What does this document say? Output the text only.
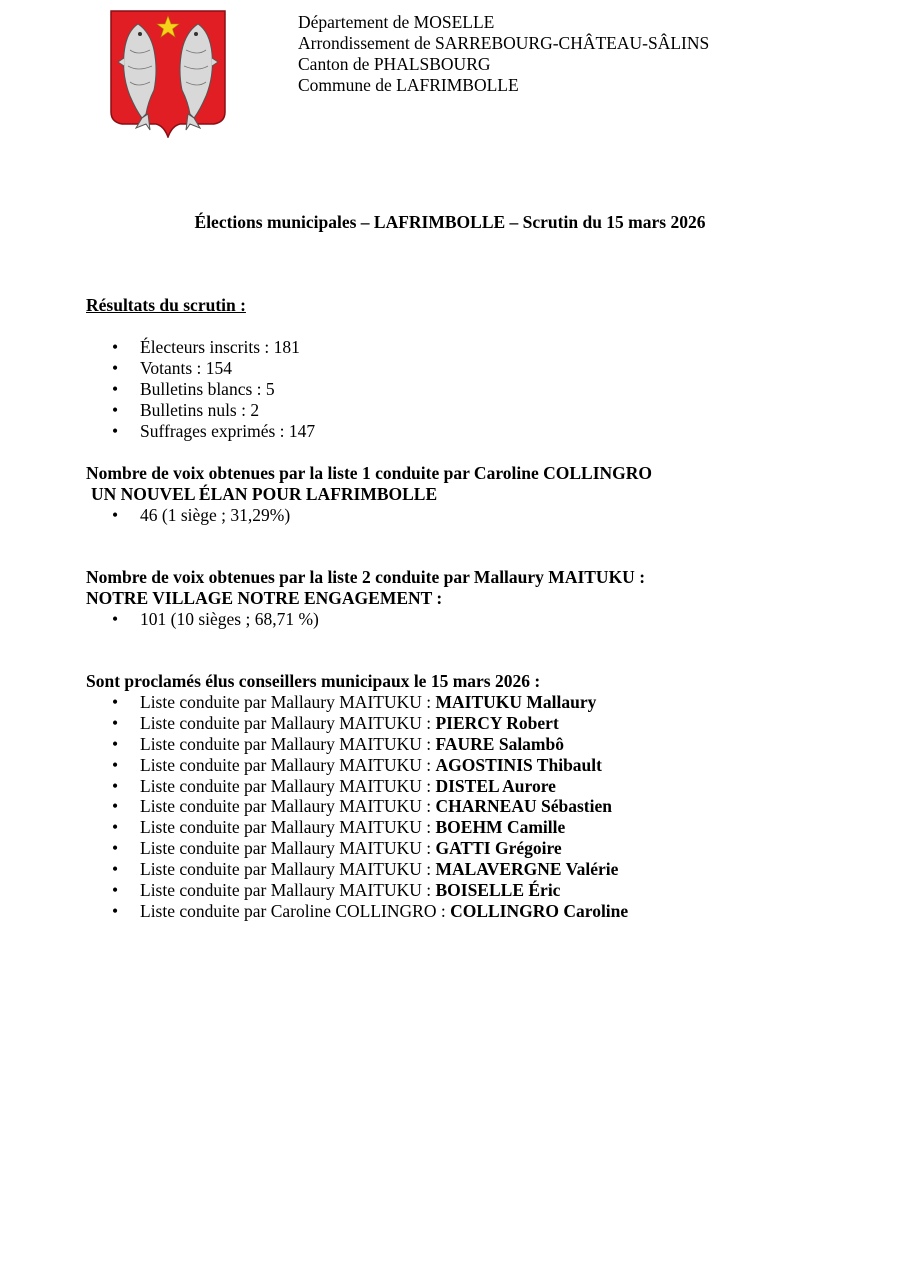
Département de MOSELLE
Arrondissement de SARREBOURG-CHÂTEAU-SÂLINS
Canton de PHALSBOURG
Commune de LAFRIMBOLLE
Élections municipales – LAFRIMBOLLE – Scrutin du 15 mars 2026
Résultats du scrutin :
• Électeurs inscrits : 181
• Votants : 154
• Bulletins blancs : 5
• Bulletins nuls : 2
• Suffrages exprimés : 147
Nombre de voix obtenues par la liste 1 conduite par Caroline COLLINGRO
UN NOUVEL ÉLAN POUR LAFRIMBOLLE
• 46 (1 siège ; 31,29%)
Nombre de voix obtenues par la liste 2 conduite par Mallaury MAITUKU :
NOTRE VILLAGE NOTRE ENGAGEMENT :
• 101 (10 sièges ; 68,71 %)
Sont proclamés élus conseillers municipaux le 15 mars 2026 :
• Liste conduite par Mallaury MAITUKU : MAITUKU Mallaury
• Liste conduite par Mallaury MAITUKU : PIERCY Robert
• Liste conduite par Mallaury MAITUKU : FAURE Salambô
• Liste conduite par Mallaury MAITUKU : AGOSTINIS Thibault
• Liste conduite par Mallaury MAITUKU : DISTEL Aurore
• Liste conduite par Mallaury MAITUKU : CHARNEAU Sébastien
• Liste conduite par Mallaury MAITUKU : BOEHM Camille
• Liste conduite par Mallaury MAITUKU : GATTI Grégoire
• Liste conduite par Mallaury MAITUKU : MALAVERGNE Valérie
• Liste conduite par Mallaury MAITUKU : BOISELLE Éric
• Liste conduite par Caroline COLLINGRO : COLLINGRO Caroline
